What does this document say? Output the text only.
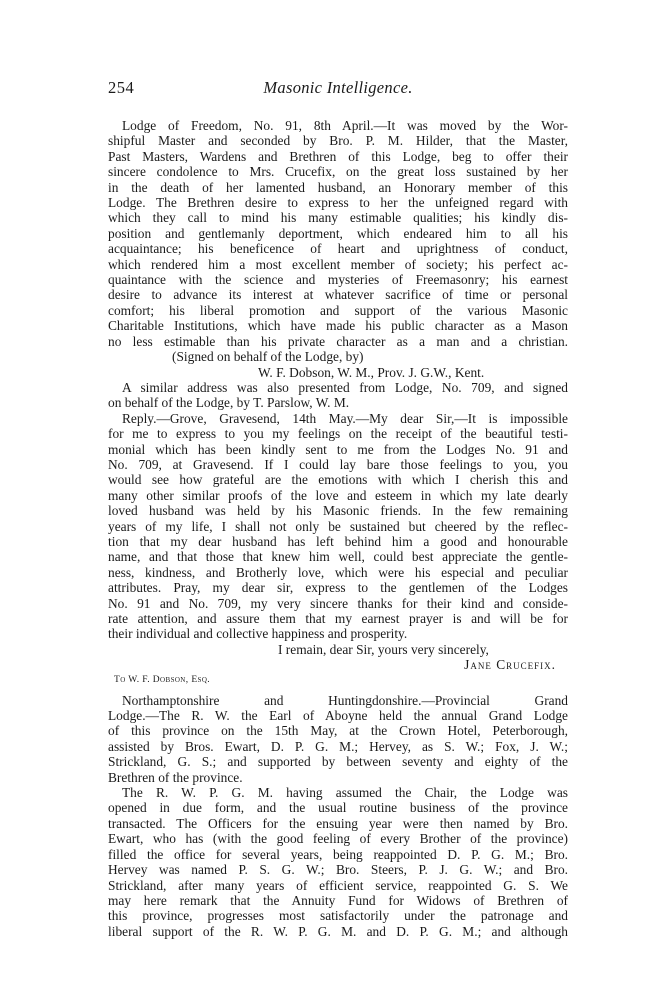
254	Masonic Intelligence.
Lodge of Freedom, No. 91, 8th April.—It was moved by the Wor-
shipful Master and seconded by Bro. P. M. Hilder, that the Master,
Past Masters, Wardens and Brethren of this Lodge, beg to offer their
sincere condolence to Mrs. Crucefix, on the great loss sustained by her
in the death of her lamented husband, an Honorary member of this
Lodge. The Brethren desire to express to her the unfeigned regard with
which they call to mind his many estimable qualities; his kindly dis-
position and gentlemanly deportment, which endeared him to all his
acquaintance; his beneficence of heart and uprightness of conduct,
which rendered him a most excellent member of society; his perfect ac-
quaintance with the science and mysteries of Freemasonry; his earnest
desire to advance its interest at whatever sacrifice of time or personal
comfort; his liberal promotion and support of the various Masonic
Charitable Institutions, which have made his public character as a Mason
no less estimable than his private character as a man and a christian.
(Signed on behalf of the Lodge, by)
W. F. Dobson, W. M., Prov. J. G.W., Kent.
A similar address was also presented from Lodge, No. 709, and signed
on behalf of the Lodge, by T. Parslow, W. M.
Reply.—Grove, Gravesend, 14th May.—My dear Sir,—It is impossible
for me to express to you my feelings on the receipt of the beautiful testi-
monial which has been kindly sent to me from the Lodges No. 91 and
No. 709, at Gravesend. If I could lay bare those feelings to you, you
would see how grateful are the emotions with which I cherish this and
many other similar proofs of the love and esteem in which my late dearly
loved husband was held by his Masonic friends. In the few remaining
years of my life, I shall not only be sustained but cheered by the reflec-
tion that my dear husband has left behind him a good and honourable
name, and that those that knew him well, could best appreciate the gentle-
ness, kindness, and Brotherly love, which were his especial and peculiar
attributes. Pray, my dear sir, express to the gentlemen of the Lodges
No. 91 and No. 709, my very sincere thanks for their kind and conside-
rate attention, and assure them that my earnest prayer is and will be for
their individual and collective happiness and prosperity.
I remain, dear Sir, yours very sincerely,
Jane Crucefix.
To W. F. Dobson, Esq.
Northamptonshire and Huntingdonshire.—Provincial Grand
Lodge.—The R. W. the Earl of Aboyne held the annual Grand Lodge
of this province on the 15th May, at the Crown Hotel, Peterborough,
assisted by Bros. Ewart, D. P. G. M.; Hervey, as S. W.; Fox, J. W.;
Strickland, G. S.; and supported by between seventy and eighty of the
Brethren of the province.
The R. W. P. G. M. having assumed the Chair, the Lodge was
opened in due form, and the usual routine business of the province
transacted. The Officers for the ensuing year were then named by Bro.
Ewart, who has (with the good feeling of every Brother of the province)
filled the office for several years, being reappointed D. P. G. M.; Bro.
Hervey was named P. S. G. W.; Bro. Steers, P. J. G. W.; and Bro.
Strickland, after many years of efficient service, reappointed G. S. We
may here remark that the Annuity Fund for Widows of Brethren of
this province, progresses most satisfactorily under the patronage and
liberal support of the R. W. P. G. M. and D. P. G. M.; and although
